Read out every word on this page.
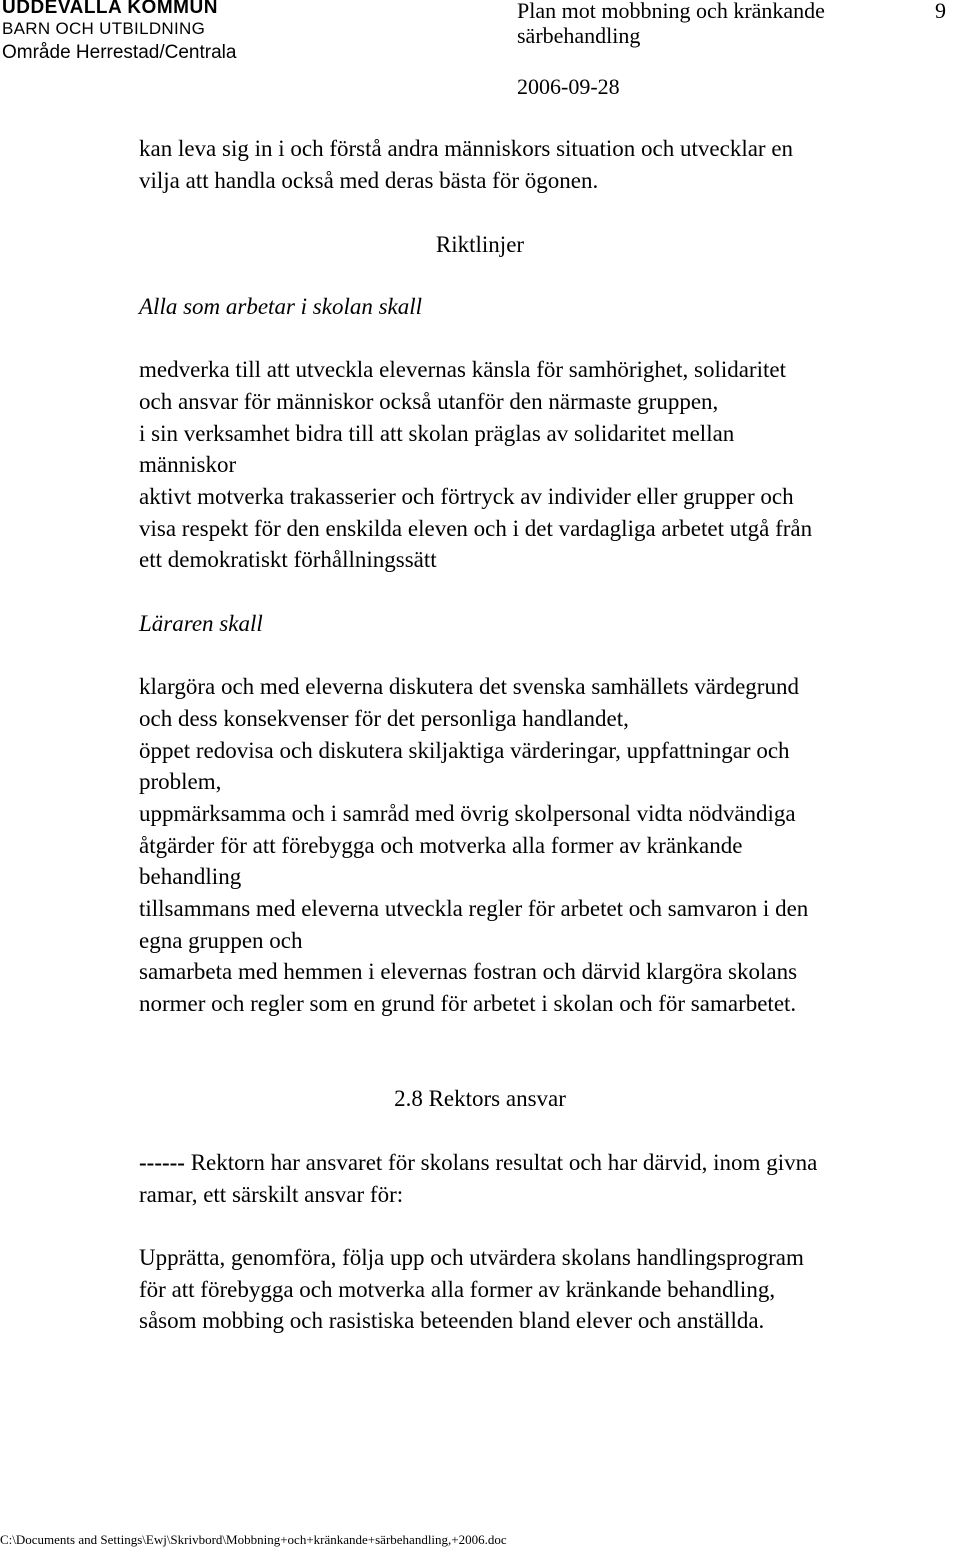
UDDEVALLA KOMMUN
BARN OCH UTBILDNING
Område Herrestad/Centrala
Plan mot mobbning och kränkande
särbehandling
2006-09-28
9
kan leva sig in i och förstå andra människors situation och utvecklar en
vilja att handla också med deras bästa för ögonen.
Riktlinjer
Alla som arbetar i skolan skall
medverka till att utveckla elevernas känsla för samhörighet, solidaritet
och ansvar för människor också utanför den närmaste gruppen,
i sin verksamhet bidra till att skolan präglas av solidaritet mellan
människor
aktivt motverka trakasserier och förtryck av individer eller grupper och
visa respekt för den enskilda eleven och i det vardagliga arbetet utgå från
ett demokratiskt förhållningssätt
Läraren skall
klargöra och med eleverna diskutera det svenska samhällets värdegrund
och dess konsekvenser för det personliga handlandet,
öppet redovisa och diskutera skiljaktiga värderingar, uppfattningar och
problem,
uppmärksamma och i samråd med övrig skolpersonal vidta nödvändiga
åtgärder för att förebygga och motverka alla former av kränkande
behandling
tillsammans med eleverna utveckla regler för arbetet och samvaron i den
egna gruppen och
samarbeta med hemmen i elevernas fostran och därvid klargöra skolans
normer och regler som en grund för arbetet i skolan och för samarbetet.
2.8 Rektors ansvar
------ Rektorn har ansvaret för skolans resultat och har därvid, inom givna
ramar, ett särskilt ansvar för:
Upprätta, genomföra, följa upp och utvärdera skolans handlingsprogram
för att förebygga och motverka alla former av kränkande behandling,
såsom mobbing och rasistiska beteenden bland elever och anställda.
C:\Documents and Settings\Ewj\Skrivbord\Mobbning+och+kränkande+särbehandling,+2006.doc
